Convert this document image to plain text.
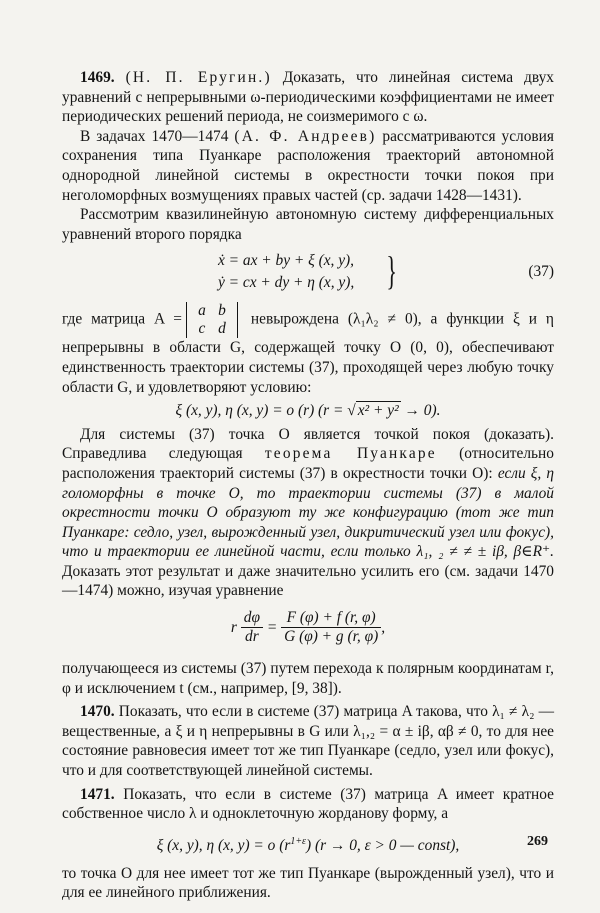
1469. (Н. П. Еругин.) Доказать, что линейная система двух уравнений с непрерывными ω-периодическими коэффициентами не имеет периодических решений периода, не соизмеримого с ω.

В задачах 1470—1474 (А. Ф. Андреев) рассматриваются условия сохранения типа Пуанкаре расположения траекторий автономной однородной линейной системы в окрестности точки покоя при неголоморфных возмущениях правых частей (ср. задачи 1428—1431).

Рассмотрим квазилинейную автономную систему дифференциальных уравнений второго порядка

ẋ = ax + by + ξ (x, y),
ẏ = cx + dy + η (x, y), }	(37)

где матрица A =a b
c d невырождена (λ₁λ₂ ≠ 0), а функции ξ и η непрерывны в области G, содержащей точку O (0, 0), обеспечивают единственность траектории системы (37), проходящей через любую точку области G, и удовлетворяют условию:

ξ (x, y), η (x, y) = o (r) (r = √ x² + y² → 0).

Для системы (37) точка O является точкой покоя (доказать). Справедлива следующая теорема Пуанкаре (относительно расположения траекторий системы (37) в окрестности точки O): если ξ, η голоморфны в точке O, то траектории системы (37) в малой окрестности точки O образуют ту же конфигурацию (тот же тип Пуанкаре: седло, узел, вырожденный узел, дикритический узел или фокус), что и траектории ее линейной части, если только λ₁, ₂ ≠ ≠ ± iβ, β∈R⁺. Доказать этот результат и даже значительно усилить его (см. задачи 1470—1474) можно, изучая уравнение

r $\frac{d\varphi}{dr} = \frac{F (\varphi) + f (r, \varphi)}{G (\varphi) + g (r, \varphi)}$ ,

получающееся из системы (37) путем перехода к полярным координатам r, φ и исключением t (см., например, [9, 38]).

1470. Показать, что если в системе (37) матрица A такова, что λ₁ ≠ λ₂ — вещественные, а ξ и η непрерывны в G или λ₁,₂ = α ± iβ, αβ ≠ 0, то для нее состояние равновесия имеет тот же тип Пуанкаре (седло, узел или фокус), что и для соответствующей линейной системы.

1471. Показать, что если в системе (37) матрица A имеет кратное собственное число λ и одноклеточную жорданову форму, а

ξ (x, y), η (x, y) = o $(r^{1+\varepsilon}) (r \to 0$, ε > 0 — const),

то точка O для нее имеет тот же тип Пуанкаре (вырожденный узел), что и для ее линейного приближения.

269
